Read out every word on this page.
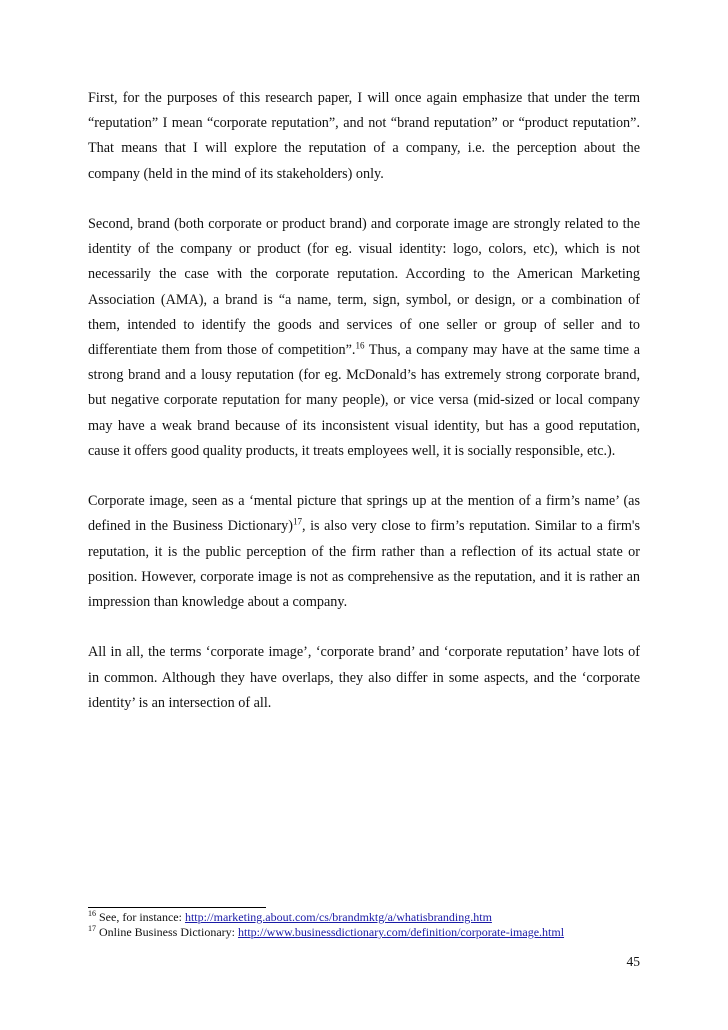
First, for the purposes of this research paper, I will once again emphasize that under the term “reputation” I mean “corporate reputation”, and not “brand reputation” or “product reputation”. That means that I will explore the reputation of a company, i.e. the perception about the company (held in the mind of its stakeholders) only.

Second, brand (both corporate or product brand) and corporate image are strongly related to the identity of the company or product (for eg. visual identity: logo, colors, etc), which is not necessarily the case with the corporate reputation. According to the American Marketing Association (AMA), a brand is “a name, term, sign, symbol, or design, or a combination of them, intended to identify the goods and services of one seller or group of seller and to differentiate them from those of competition”.$^{16}$ Thus, a company may have at the same time a strong brand and a lousy reputation (for eg. McDonald’s has extremely strong corporate brand, but negative corporate reputation for many people), or vice versa (mid-sized or local company may have a weak brand because of its inconsistent visual identity, but has a good reputation, cause it offers good quality products, it treats employees well, it is socially responsible, etc.).

Corporate image, seen as a ‘mental picture that springs up at the mention of a firm’s name’ (as defined in the Business Dictionary)$^{17}$, is also very close to firm’s reputation. Similar to a firm's reputation, it is the public perception of the firm rather than a reflection of its actual state or position. However, corporate image is not as comprehensive as the reputation, and it is rather an impression than knowledge about a company.

All in all, the terms ‘corporate image’, ‘corporate brand’ and ‘corporate reputation’ have lots of in common. Although they have overlaps, they also differ in some aspects, and the ‘corporate identity’ is an intersection of all.

$^{16}$ See, for instance: http://marketing.about.com/cs/brandmktg/a/whatisbranding.htm
$^{17}$ Online Business Dictionary: http://www.businessdictionary.com/definition/corporate-image.html
45
